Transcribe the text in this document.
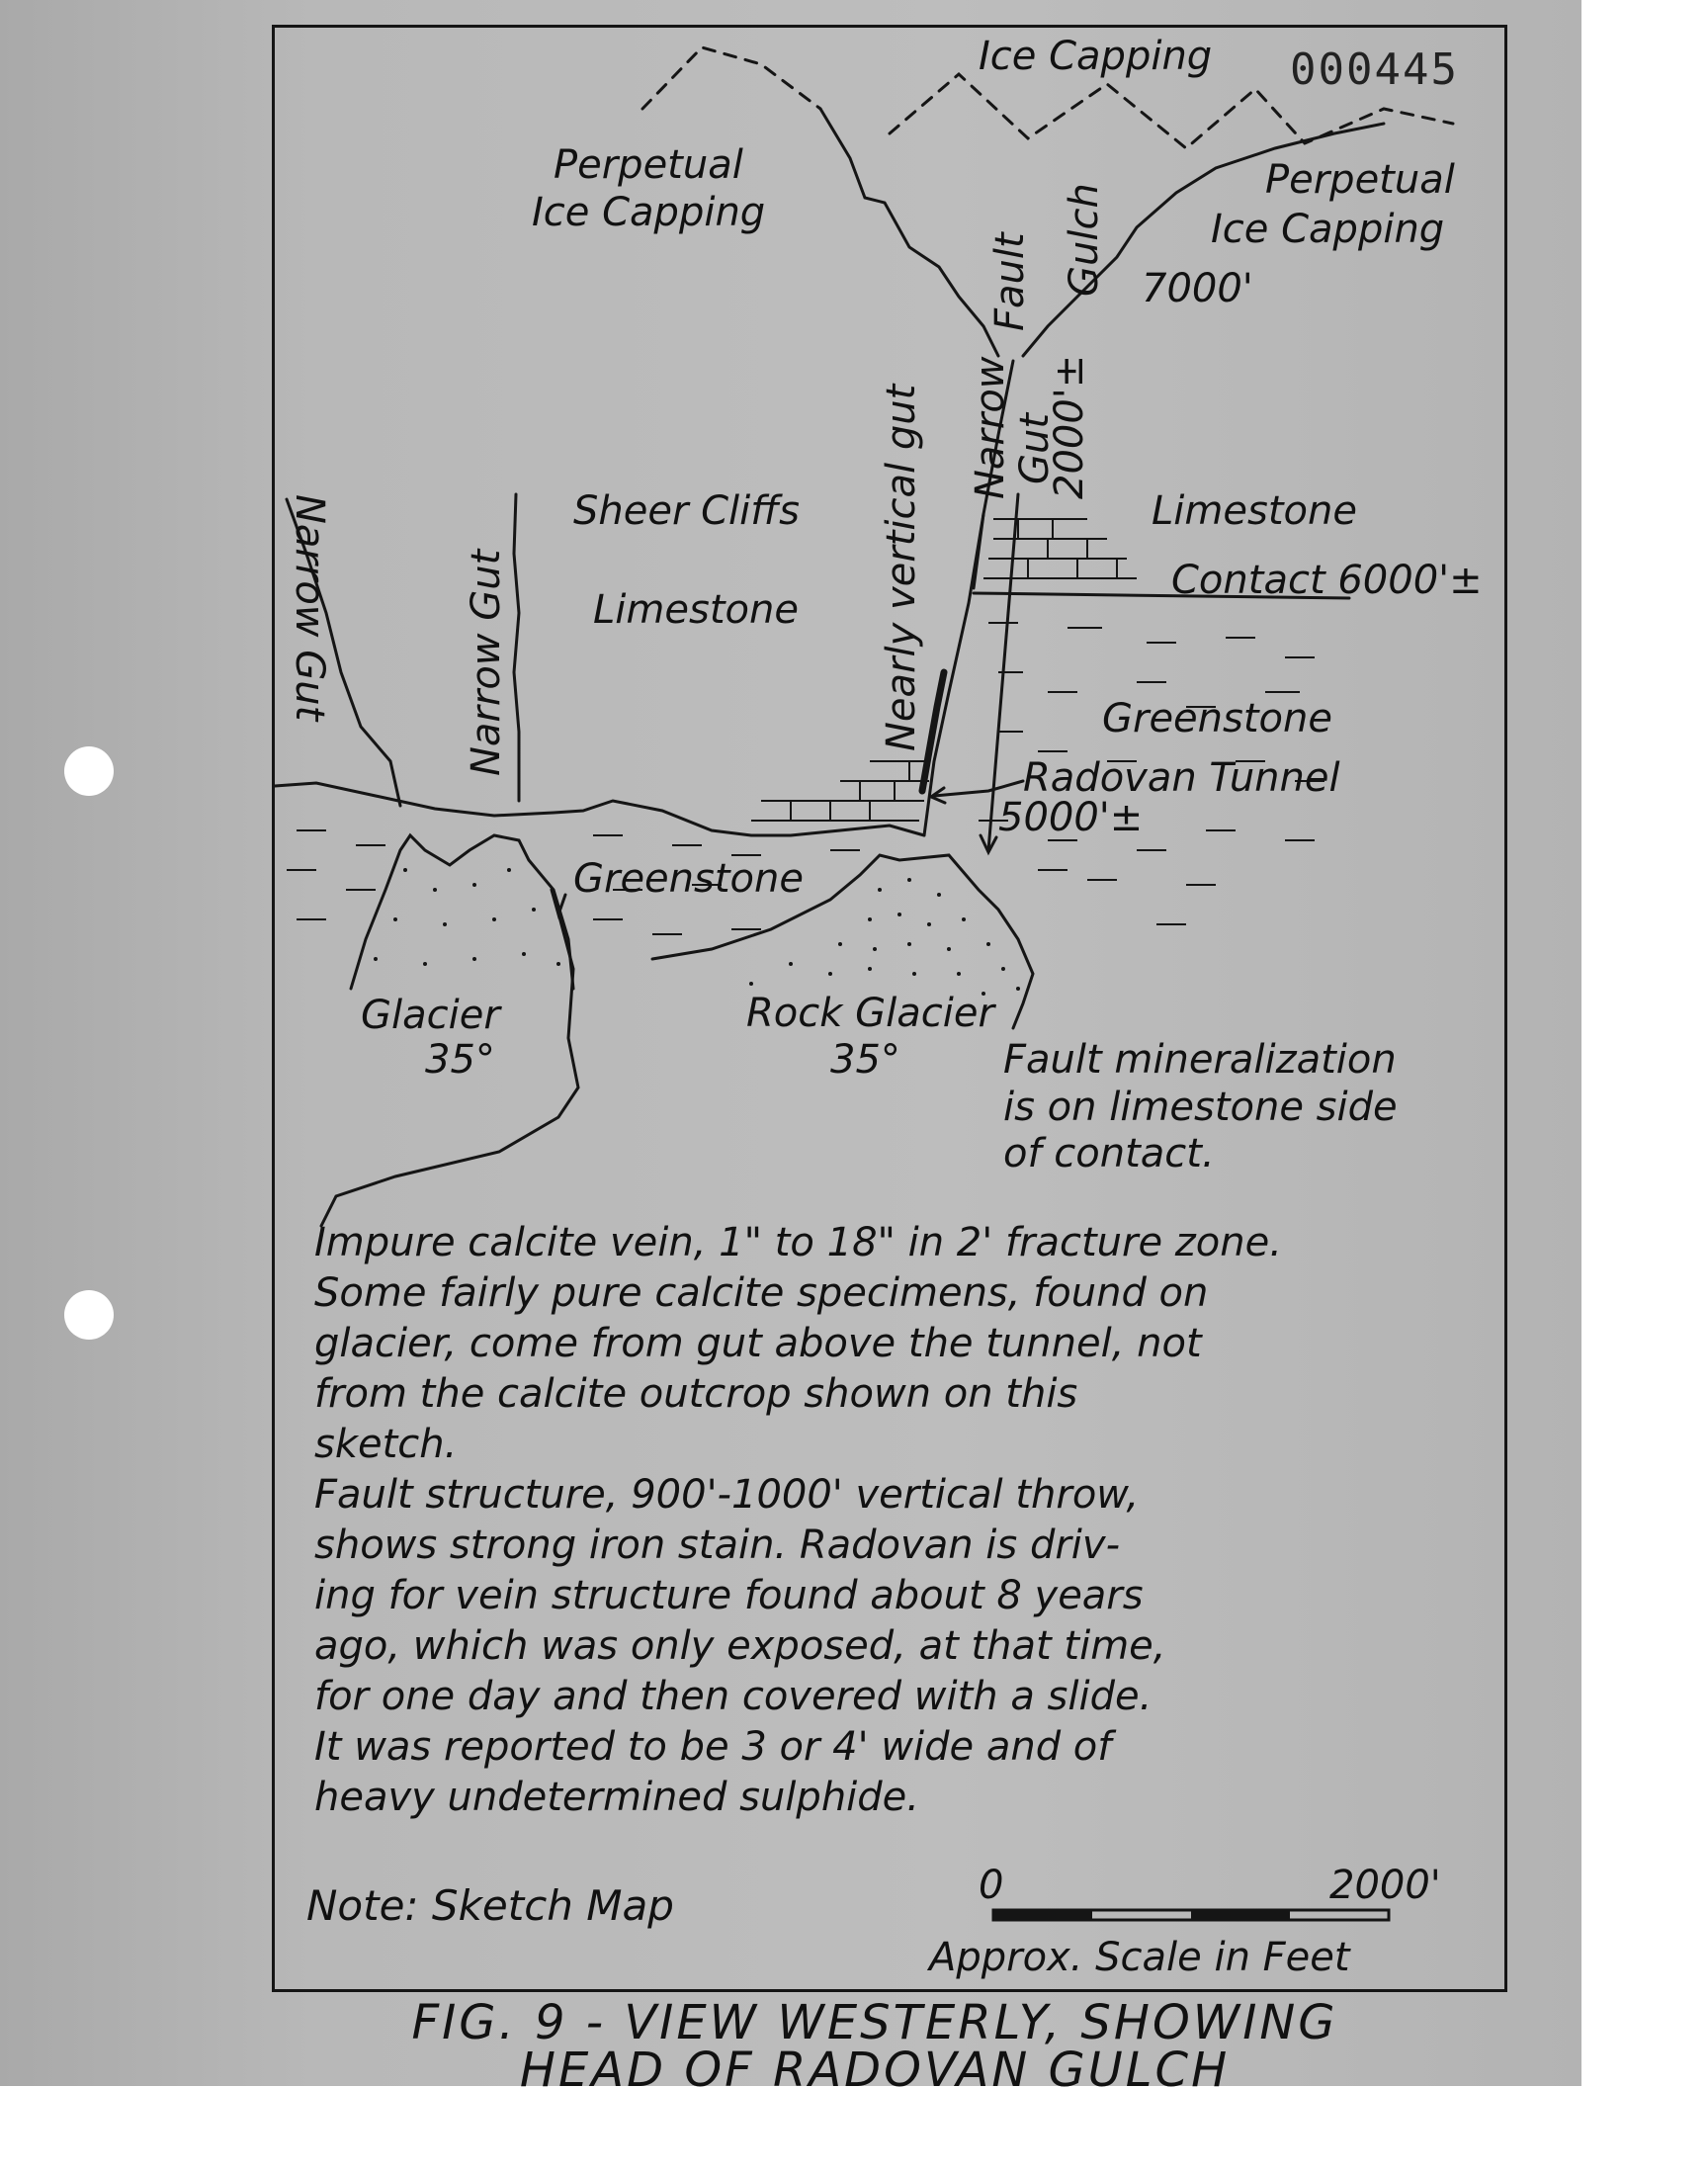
000445
Ice Capping
Perpetual
Ice Capping
Perpetual
Ice Capping
7000'
Fault Gulch
Narrow Gut
Nearly vertical gut	2000'±
Sheer Cliffs
Limestone
Limestone
Contact 6000'±
Greenstone
Radovan Tunnel
5000'±
Narrow Gut	Narrow Gut
Greenstone
Glacier
35°
Rock Glacier
35°	Fault mineralization
is on limestone side
of contact.
0	2000'
Approx. Scale in Feet
Note: Sketch Map
Impure calcite vein, 1" to 18" in 2' fracture zone.
Some fairly pure calcite specimens, found on
glacier, come from gut above the tunnel, not
from the calcite outcrop shown on this
sketch.
Fault structure, 900'-1000' vertical throw,
shows strong iron stain. Radovan is driv-
ing for vein structure found about 8 years
ago, which was only exposed, at that time,
for one day and then covered with a slide.
It was reported to be 3 or 4' wide and of
heavy undetermined sulphide.
FIG. 9 - VIEW WESTERLY, SHOWING
HEAD OF RADOVAN GULCH
